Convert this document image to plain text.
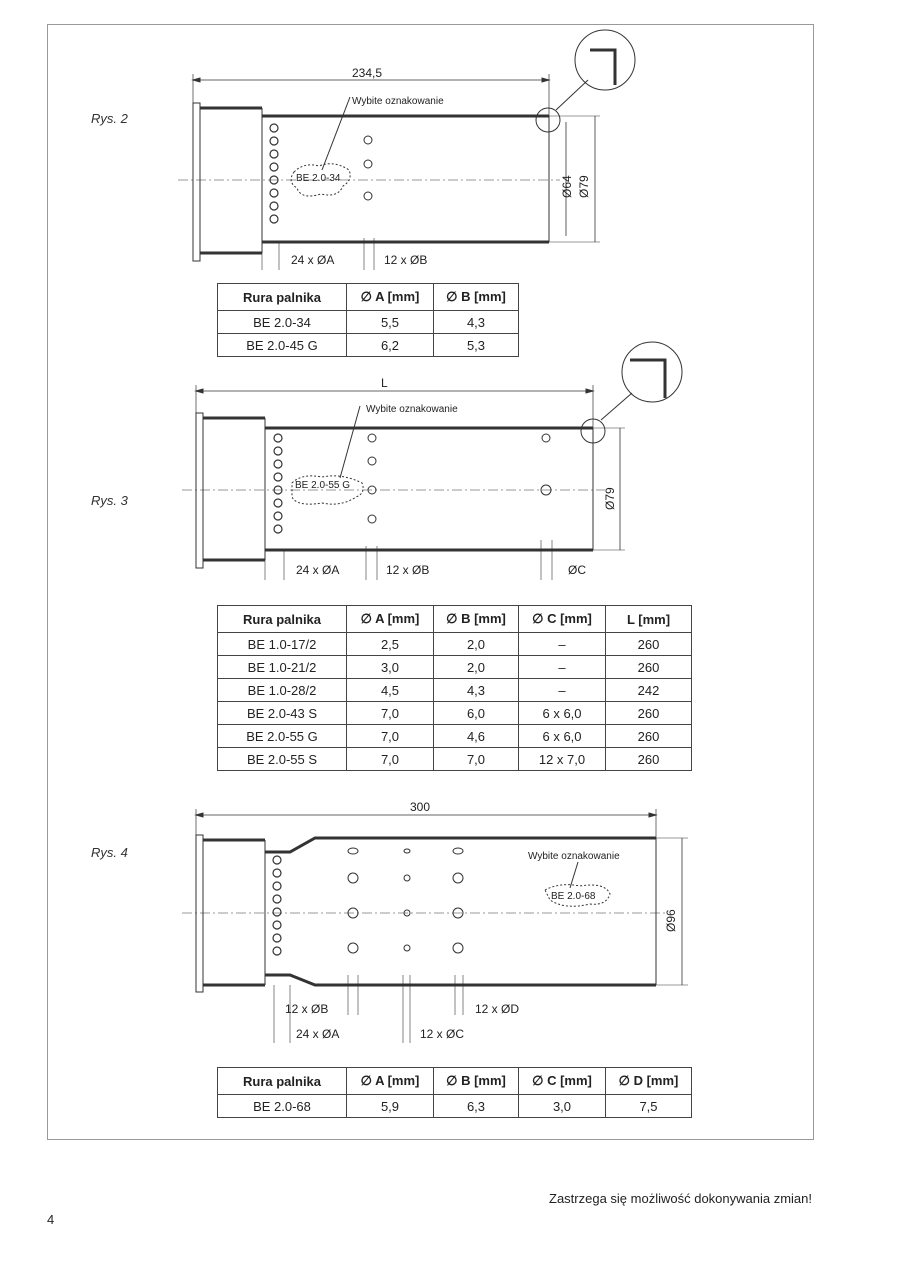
Rys. 2
Rys. 3
Rys. 4
234,5
Wybite oznakowanie
BE 2.0-34	Ø64 Ø79
24 x ØA	12 x ØB
L
Wybite oznakowanie
BE 2.0-55 G
Ø79
24 x ØA	12 x ØB	ØC
300
Wybite oznakowanie
BE 2.0-68
Ø96
12 x ØB	12 x ØD
24 x ØA	12 x ØC
Rura palnika	∅ A [mm]	∅ B [mm]
BE 2.0-34	5,5	4,3
BE 2.0-45 G	6,2	5,3
Rura palnika	∅ A [mm]	∅ B [mm]	∅ C [mm]	L [mm]
BE 1.0-17/2	2,5	2,0	–	260
BE 1.0-21/2	3,0	2,0	–	260
BE 1.0-28/2	4,5	4,3	–	242
BE 2.0-43 S	7,0	6,0	6 x 6,0	260
BE 2.0-55 G	7,0	4,6	6 x 6,0	260
BE 2.0-55 S	7,0	7,0	12 x 7,0	260
Rura palnika	∅ A [mm]	∅ B [mm]	∅ C [mm]	∅ D [mm]
BE 2.0-68	5,9	6,3	3,0	7,5
Zastrzega się możliwość dokonywania zmian!
4
